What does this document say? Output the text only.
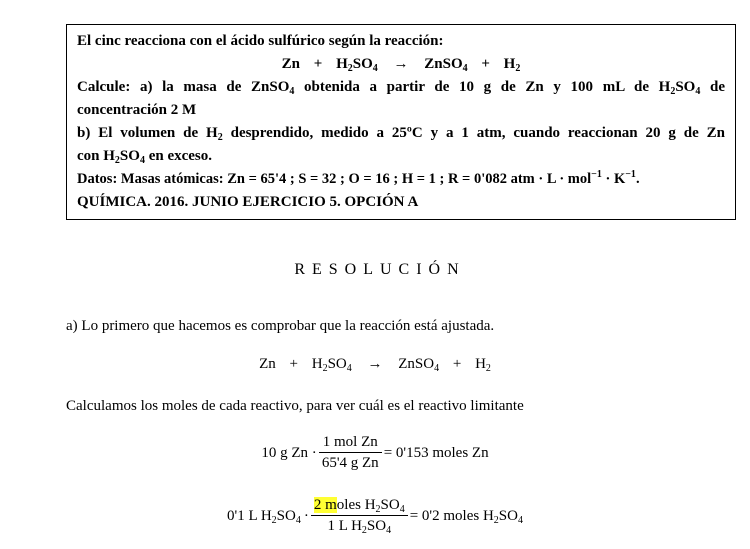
El cinc reacciona con el ácido sulfúrico según la reacción:
$Zn + H_2SO_4$ → ZnSO$_4$ + $H_2$
Calcule: a) la masa de ZnSO$_4$ obtenida a partir de 10 g de Zn y 100 mL de $H_2SO_4$ de
concentración 2 M
b) El volumen de $H_2$ desprendido, medido a 25ºC y a 1 atm, cuando reaccionan 20 g de Zn
con $H_2SO_4$ en exceso.
Datos: Masas atómicas: Zn = 65'4 ; S = 32 ; O = 16 ; H = 1 ; R = 0'082 atm · $L \cdot mol^{-1} \cdot K^{-1}$.
QUÍMICA. 2016. JUNIO EJERCICIO 5. OPCIÓN A
RESOLUCIÓN
a) Lo primero que hacemos es comprobar que la reacción está ajustada.
$Zn + H_2SO_4$ → ZnSO$_4$ + $H_2$
Calculamos los moles de cada reactivo, para ver cuál es el reactivo limitante
10 g $Zn \cdot \frac{\text{1 mol Zn}}{\text{65'4 g Zn}} = 0'153$ moles Zn
0'1 L $H_2SO_4 \cdot \frac{2 moles H_2SO_4}{1 L H_2SO_4} = 0'2$ moles $H_2SO_4$
